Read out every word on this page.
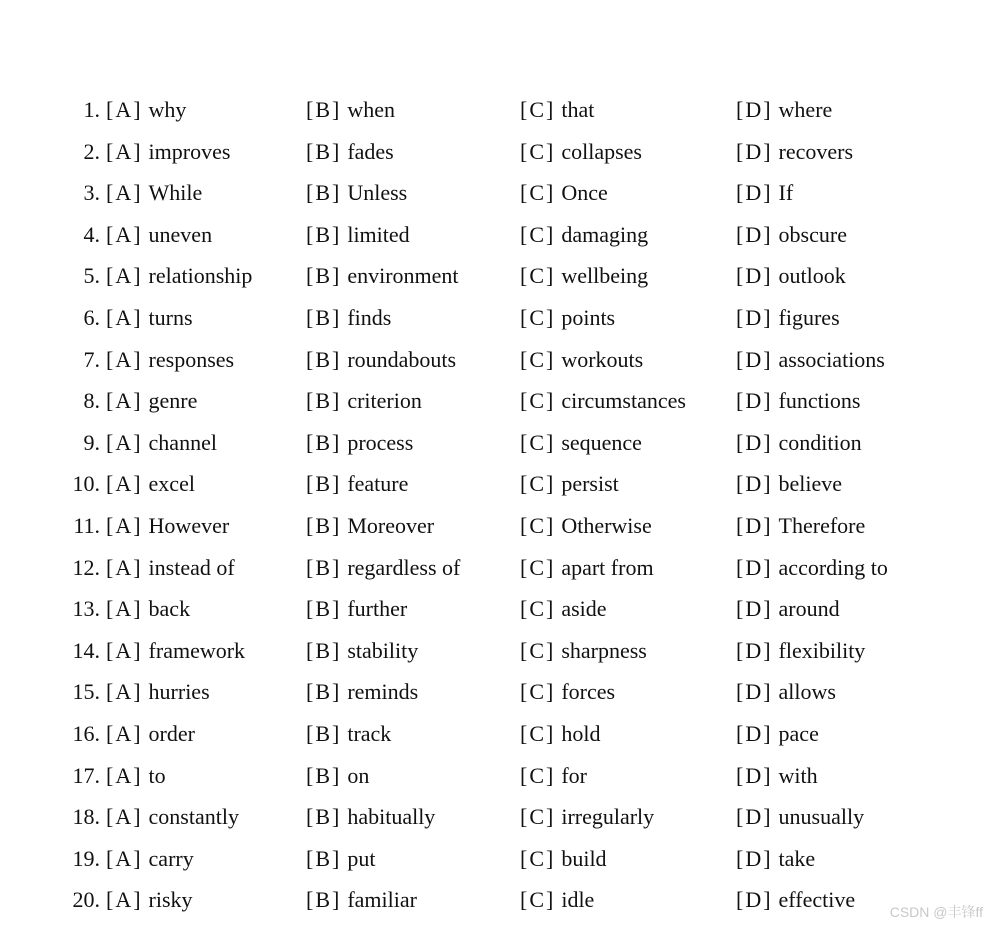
1. [A] why	[B] when	[C] that	[D] where
2. [A] improves	[B] fades	[C] collapses	[D] recovers
3. [A] While	[B] Unless	[C] Once	[D] If
4. [A] uneven	[B] limited	[C] damaging	[D] obscure
5. [A] relationship [B] environment	[C] wellbeing	[D] outlook
6. [A] turns	[B] finds	[C] points	[D] figures
7. [A] responses	[B] roundabouts	[C] workouts	[D] associations
8. [A] genre	[B] criterion	[C] circumstances [D] functions
9. [A] channel	[B] process	[C] sequence	[D] condition
10. [A] excel	[B] feature	[C] persist	[D] believe
11. [A] However	[B] Moreover	[C] Otherwise	[D] Therefore
12. [A] instead of	[B] regardless of	[C] apart from	[D] according to
13. [A] back	[B] further	[C] aside	[D] around
14. [A] framework	[B] stability	[C] sharpness	[D] flexibility
15. [A] hurries	[B] reminds	[C] forces	[D] allows
16. [A] order	[B] track	[C] hold	[D] pace
17. [A] to	[B] on	[C] for	[D] with
18. [A] constantly	[B] habitually	[C] irregularly	[D] unusually
19. [A] carry	[B] put	[C] build	[D] take
20. [A] risky	[B] familiar	[C] idle	[D] effective CSDN @丰锋ff
